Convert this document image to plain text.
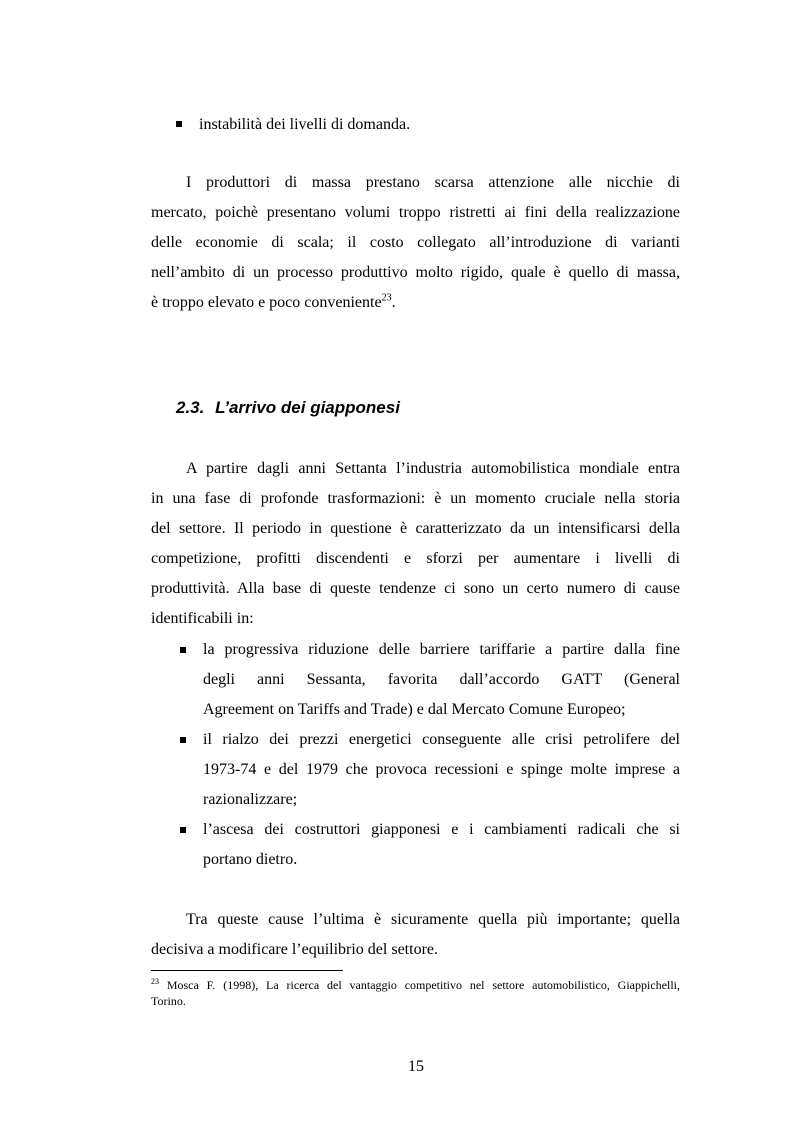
instabilità dei livelli di domanda.
I produttori di massa prestano scarsa attenzione alle nicchie di
mercato, poichè presentano volumi troppo ristretti ai fini della realizzazione
delle economie di scala; il costo collegato all’introduzione di varianti
nell’ambito di un processo produttivo molto rigido, quale è quello di massa,
è troppo elevato e poco conveniente$^{23}$.
2.3. L’arrivo dei giapponesi
A partire dagli anni Settanta l’industria automobilistica mondiale entra
in una fase di profonde trasformazioni: è un momento cruciale nella storia
del settore. Il periodo in questione è caratterizzato da un intensificarsi della
competizione, profitti discendenti e sforzi per aumentare i livelli di
produttività. Alla base di queste tendenze ci sono un certo numero di cause
identificabili in:
la progressiva riduzione delle barriere tariffarie a partire dalla fine
degli anni Sessanta, favorita dall’accordo GATT (General
Agreement on Tariffs and Trade) e dal Mercato Comune Europeo;
il rialzo dei prezzi energetici conseguente alle crisi petrolifere del
1973-74 e del 1979 che provoca recessioni e spinge molte imprese a
razionalizzare;
l’ascesa dei costruttori giapponesi e i cambiamenti radicali che si
portano dietro.
Tra queste cause l’ultima è sicuramente quella più importante; quella
decisiva a modificare l’equilibrio del settore.
$^{23}$ Mosca F. (1998), La ricerca del vantaggio competitivo nel settore automobilistico, Giappichelli,
Torino.
15
